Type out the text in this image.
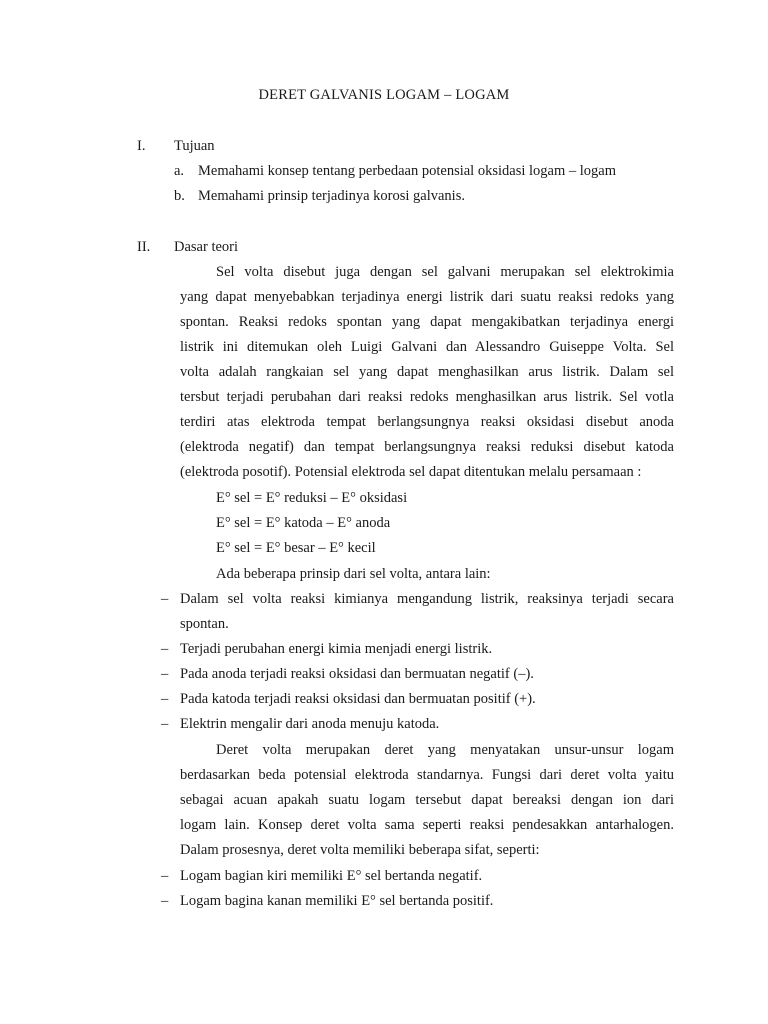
DERET GALVANIS LOGAM – LOGAM
I. Tujuan
a. Memahami konsep tentang perbedaan potensial oksidasi logam – logam
b. Memahami prinsip terjadinya korosi galvanis.
II. Dasar teori
Sel volta disebut juga dengan sel galvani merupakan sel elektrokimia
yang dapat menyebabkan terjadinya energi listrik dari suatu reaksi redoks yang
spontan. Reaksi redoks spontan yang dapat mengakibatkan terjadinya energi
listrik ini ditemukan oleh Luigi Galvani dan Alessandro Guiseppe Volta. Sel
volta adalah rangkaian sel yang dapat menghasilkan arus listrik. Dalam sel
tersbut terjadi perubahan dari reaksi redoks menghasilkan arus listrik. Sel votla
terdiri atas elektroda tempat berlangsungnya reaksi oksidasi disebut anoda
(elektroda negatif) dan tempat berlangsungnya reaksi reduksi disebut katoda
(elektroda posotif). Potensial elektroda sel dapat ditentukan melalu persamaan :
E° sel = E° reduksi – E° oksidasi
E° sel = E° katoda – E° anoda
E° sel = E° besar – E° kecil
Ada beberapa prinsip dari sel volta, antara lain:
– Dalam sel volta reaksi kimianya mengandung listrik, reaksinya terjadi secara
spontan.
– Terjadi perubahan energi kimia menjadi energi listrik.
– Pada anoda terjadi reaksi oksidasi dan bermuatan negatif (–).
– Pada katoda terjadi reaksi oksidasi dan bermuatan positif (+).
– Elektrin mengalir dari anoda menuju katoda.
Deret volta merupakan deret yang menyatakan unsur-unsur logam
berdasarkan beda potensial elektroda standarnya. Fungsi dari deret volta yaitu
sebagai acuan apakah suatu logam tersebut dapat bereaksi dengan ion dari
logam lain. Konsep deret volta sama seperti reaksi pendesakkan antarhalogen.
Dalam prosesnya, deret volta memiliki beberapa sifat, seperti:
– Logam bagian kiri memiliki E° sel bertanda negatif.
– Logam bagina kanan memiliki E° sel bertanda positif.
